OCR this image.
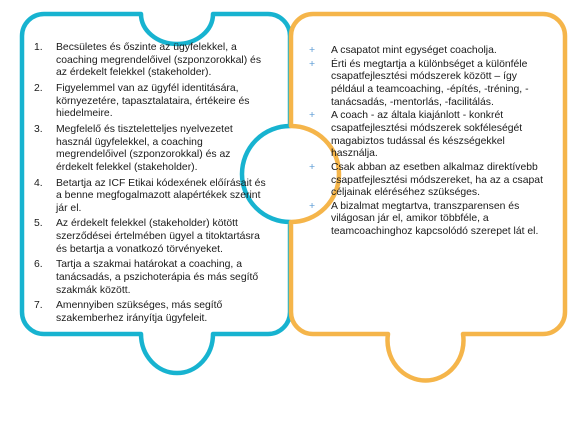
1. Becsületes és őszinte az ügyfelekkel, a coaching megrendelőivel (szponzorokkal) és az érdekelt felekkel (stakeholder).
2. Figyelemmel van az ügyfél identitására, környezetére, tapasztalataira, értékeire és hiedelmeire.
3. Megfelelő és tiszteletteljes nyelvezetet használ ügyfelekkel, a coaching megrendelőivel (szponzorokkal) és az érdekelt felekkel (stakeholder).
4. Betartja az ICF Etikai kódexének előírásait és a benne megfogalmazott alapértékek szerint jár el.
5. Az érdekelt felekkel (stakeholder) kötött szerződései értelmében ügyel a titoktartásra és betartja a vonatkozó törvényeket.
6. Tartja a szakmai határokat a coaching, a tanácsadás, a pszichoterápia és más segítő szakmák között.
7. Amennyiben szükséges, más segítő szakemberhez irányítja ügyfeleit.
+ A csapatot mint egységet coacholja.
+ Érti és megtartja a különbséget a különféle csapatfejlesztési módszerek között – így például a teamcoaching, -építés, -tréning, -tanácsadás, -mentorlás, -facilitálás.
+ A coach - az általa kiajánlott - konkrét csapatfejlesztési módszerek sokféleségét magabiztos tudással és készségekkel használja.
+ Csak abban az esetben alkalmaz direktívebb csapatfejlesztési módszereket, ha az a csapat céljainak eléréséhez szükséges.
+ A bizalmat megtartva, transzparensen és világosan jár el, amikor többféle, a teamcoachinghoz kapcsolódó szerepet lát el.
